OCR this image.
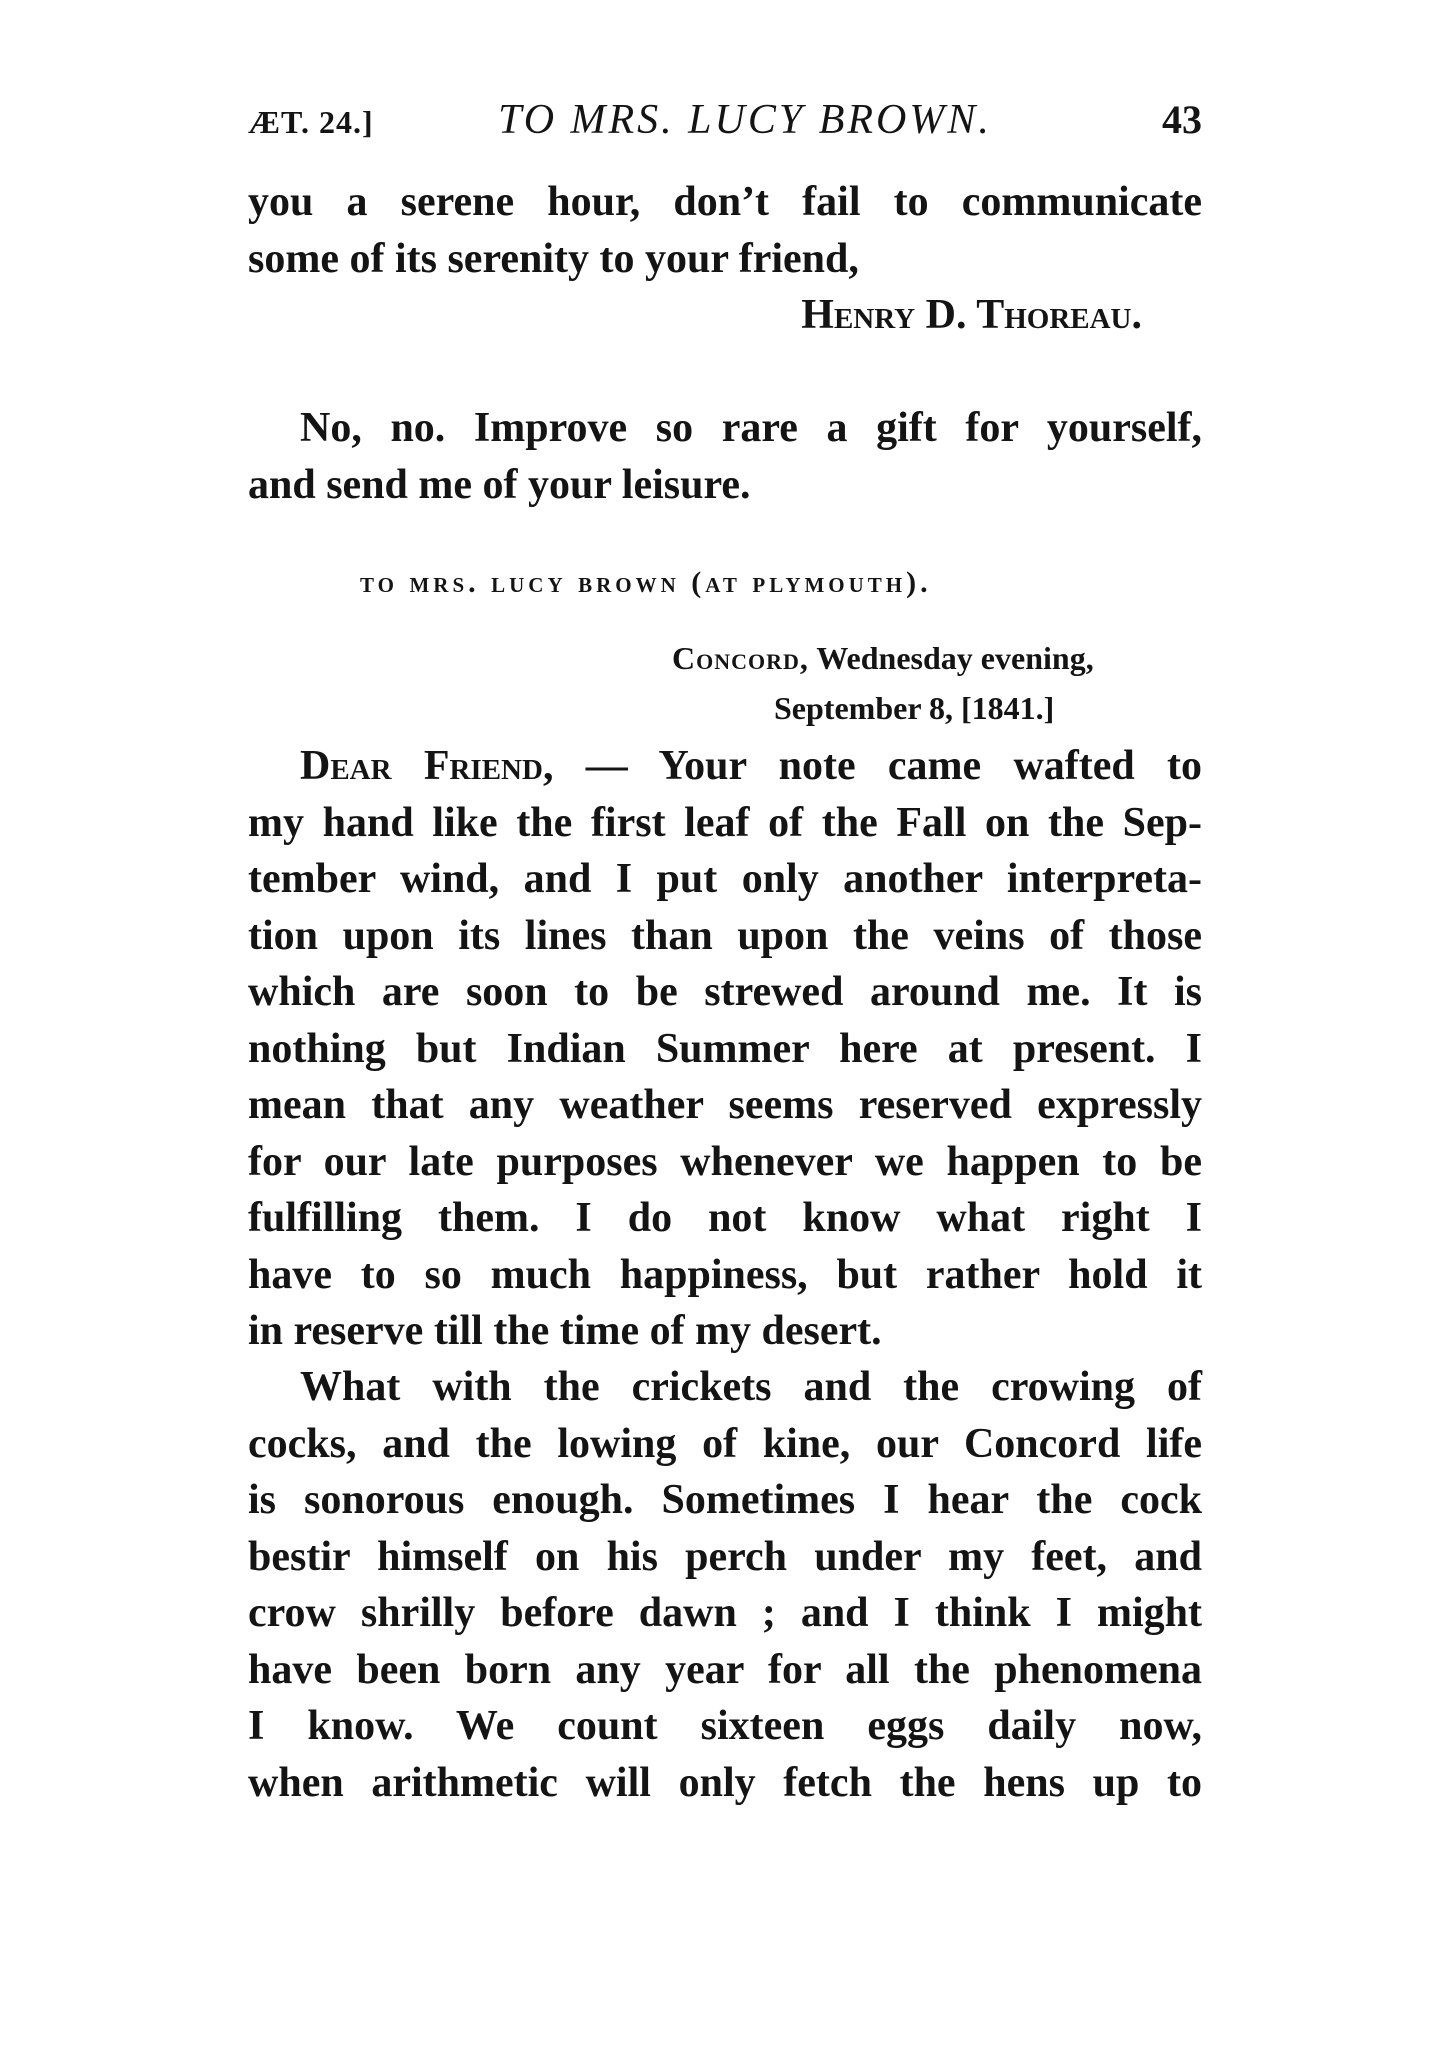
ÆT. 24.]	TO MRS. LUCY BROWN.	43
you a serene hour, don’t fail to communicate
some of its serenity to your friend,
Henry D. Thoreau.
No, no. Improve so rare a gift for yourself,
and send me of your leisure.
to mrs. lucy brown (at plymouth).
Concord, Wednesday evening,
September 8, [1841.]
Dear Friend, — Your note came wafted to
my hand like the first leaf of the Fall on the Sep-
tember wind, and I put only another interpreta-
tion upon its lines than upon the veins of those
which are soon to be strewed around me. It is
nothing but Indian Summer here at present. I
mean that any weather seems reserved expressly
for our late purposes whenever we happen to be
fulfilling them. I do not know what right I
have to so much happiness, but rather hold it
in reserve till the time of my desert.
What with the crickets and the crowing of
cocks, and the lowing of kine, our Concord life
is sonorous enough. Sometimes I hear the cock
bestir himself on his perch under my feet, and
crow shrilly before dawn ; and I think I might
have been born any year for all the phenomena
I know. We count sixteen eggs daily now,
when arithmetic will only fetch the hens up to
